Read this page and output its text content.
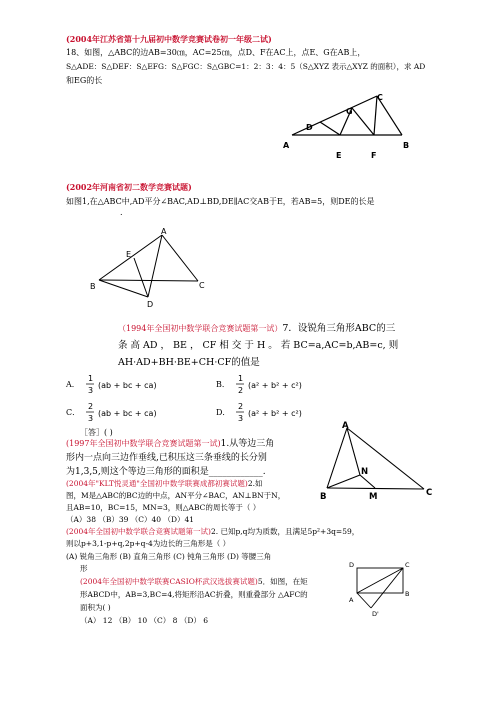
(2004年江苏省第十九届初中数学竞赛试卷初一年级二试)
18、如图，△ABC的边AB=30㎝，AC=25㎝，点D、F在AC上，点E、G在AB上，
S△ADE：S△DEF：S△EFG：S△FGC：S△GBC=1：2：3：4：5（S△XYZ 表示△XYZ 的面积），求 AD
和EG的长
A	B
C
D
E	F
G
(2002年河南省初二数学竞赛试题)
如图1,在△ABC中,AD平分∠BAC,AD⊥BD,DE∥AC交AB于E，若AB=5，则DE的长是
.
A
B	C
D
E
（1994年全国初中数学联合竞赛试题第一试）7．设锐角三角形ABC的三
条 高 AD ， BE ， CF 相 交 于 H 。 若 BC=a,AC=b,AB=c, 则
AH·AD+BH·BE+CH·CF的值是
A．
1
3
(ab + bc + ca)	B．
1
2
(a² + b² + c²)
C．
2
3
(ab + bc + ca)	D．
2
3
(a² + b² + c²)
［答］( )
(1997年全国初中数学联合竞赛试题第一试)1.从等边三角
形内一点向三边作垂线,已积压这三条垂线的长分别
为1,3,5,则这个等边三角形的面积是____________.
A
B	C
M
N
(2004年"KLT悦灵通"全国初中数学联赛成都初赛试题)2.如
图，M是△ABC的BC边的中点，AN平分∠BAC，AN⊥BN于N，
且AB=10，BC=15，MN=3，则△ABC的周长等于（ ）
（A）38 （B）39 （C）40 （D）41
(2004年全国初中数学联合竞赛试题第一试)2. 已知p,q均为质数，且满足5p²+3q=59，
则以p+3,1-p+q,2p+q-4为边长的三角形是（ ）
(A) 锐角三角形 (B) 直角三角形 (C) 钝角三角形 (D) 等腰三角
形
(2004年全国初中数学联赛CASIO杯武汉选拔赛试题)5．如图，在矩
形ABCD中，AB=3,BC=4,将矩形沿AC折叠，则重叠部分 △AFC的
面积为( )
（A） 12 （B） 10 （C） 8 （D） 6
D	C
B
A
D'
